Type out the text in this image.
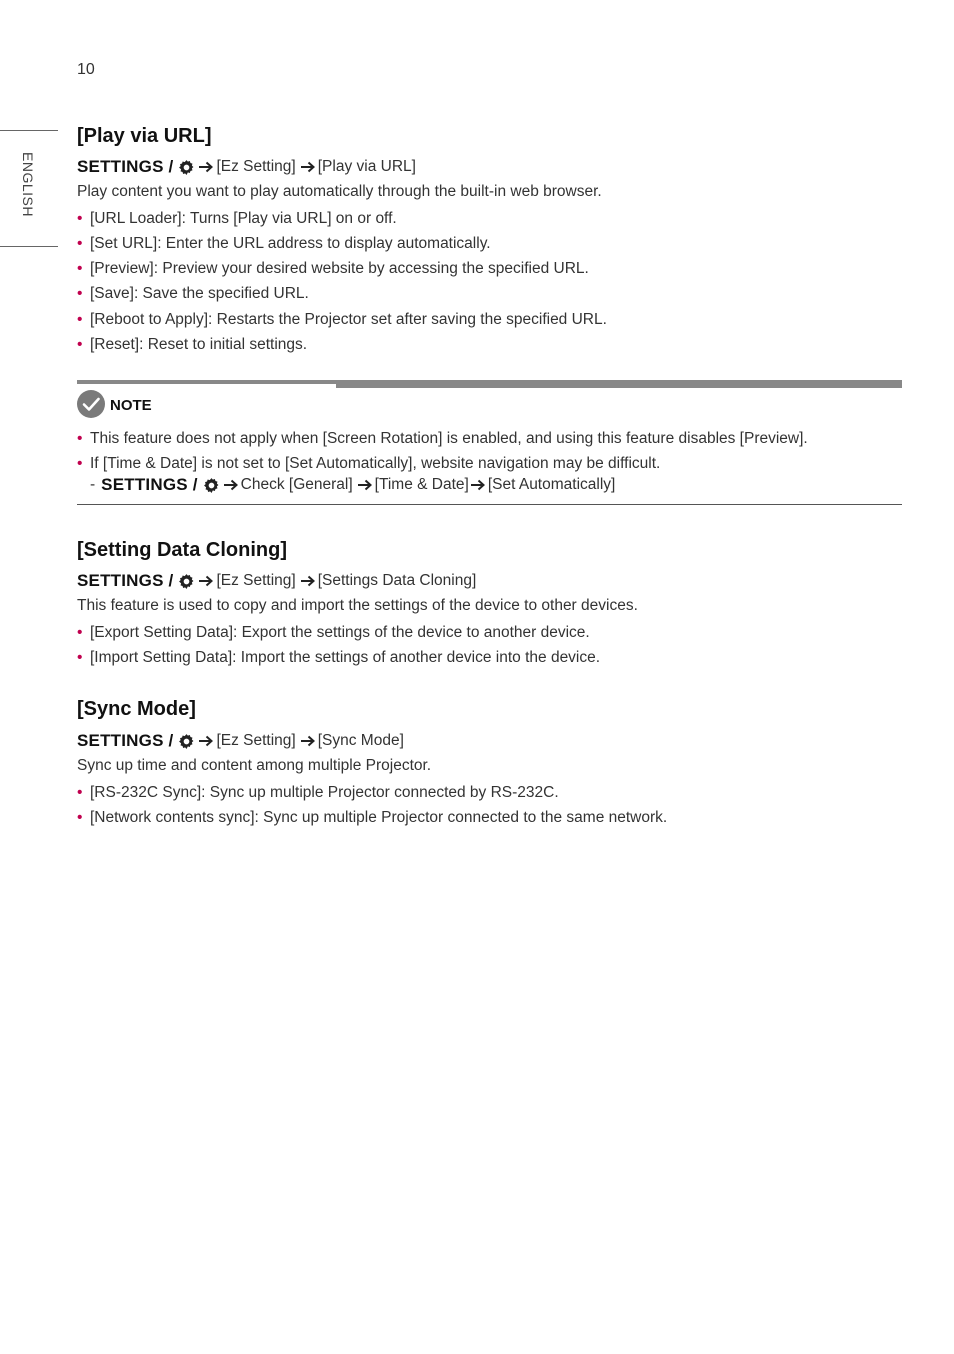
10
ENGLISH
[Play via URL]
SETTINGS /	[Ez Setting] [Play via URL]
Play content you want to play automatically through the built-in web browser.
• [URL Loader]: Turns [Play via URL] on or off.
• [Set URL]: Enter the URL address to display automatically.
• [Preview]: Preview your desired website by accessing the specified URL.
• [Save]: Save the specified URL.
• [Reboot to Apply]: Restarts the Projector set after saving the specified URL.
• [Reset]: Reset to initial settings.
NOTE
• This feature does not apply when [Screen Rotation] is enabled, and using this feature disables [Preview].
• If [Time & Date] is not set to [Set Automatically], website navigation may be difficult.
- SETTINGS /	Check [General] [Time & Date] [Set Automatically]
[Setting Data Cloning]
SETTINGS /	[Ez Setting] [Settings Data Cloning]
This feature is used to copy and import the settings of the device to other devices.
• [Export Setting Data]: Export the settings of the device to another device.
• [Import Setting Data]: Import the settings of another device into the device.
[Sync Mode]
SETTINGS /	[Ez Setting] [Sync Mode]
Sync up time and content among multiple Projector.
• [RS-232C Sync]: Sync up multiple Projector connected by RS-232C.
• [Network contents sync]: Sync up multiple Projector connected to the same network.
